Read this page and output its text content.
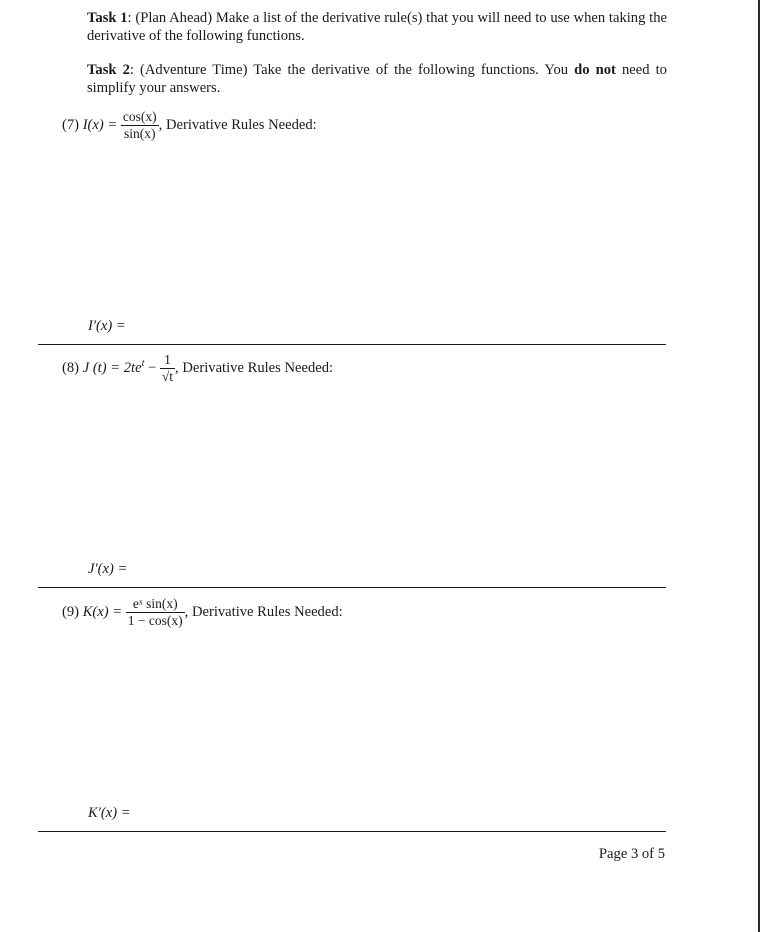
Task 1: (Plan Ahead) Make a list of the derivative rule(s) that you will need to use when taking the derivative of the following functions.
Task 2: (Adventure Time) Take the derivative of the following functions. You do not need to simplify your answers.
(7) $I(x) = \frac{\cos(x)}{\sin(x)}$ , Derivative Rules Needed:
I′(x) =
(8) J $(t) = 2te^t - \frac{1}{√t}$ , Derivative Rules Needed:
J′(x) =
(9) $K(x) = \frac{\text{eˣ sin(x)}}{1 - \cos(x)}$ , Derivative Rules Needed:
K′(x) =
Page 3 of 5
